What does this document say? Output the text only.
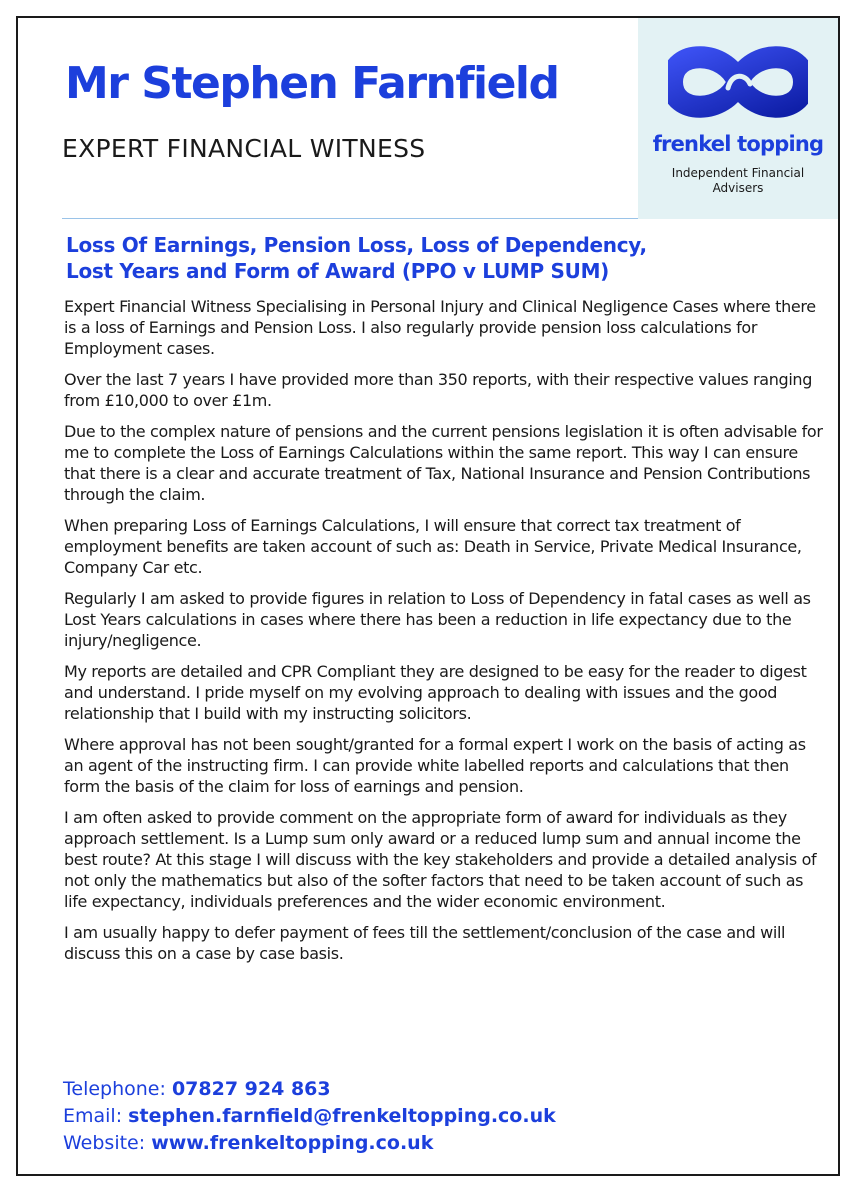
Mr Stephen Farnfield
EXPERT FINANCIAL WITNESS	frenkel topping
Independent Financial Advisers
Loss Of Earnings, Pension Loss, Loss of Dependency,
Lost Years and Form of Award (PPO v LUMP SUM)

Expert Financial Witness Specialising in Personal Injury and Clinical Negligence Cases where there is a loss of Earnings and Pension Loss. I also regularly provide pension loss calculations for Employment cases.

Over the last 7 years I have provided more than 350 reports, with their respective values ranging from £10,000 to over £1m.

Due to the complex nature of pensions and the current pensions legislation it is often advisable for me to complete the Loss of Earnings Calculations within the same report. This way I can ensure that there is a clear and accurate treatment of Tax, National Insurance and Pension Contributions through the claim.

When preparing Loss of Earnings Calculations, I will ensure that correct tax treatment of employment benefits are taken account of such as: Death in Service, Private Medical Insurance, Company Car etc.

Regularly I am asked to provide figures in relation to Loss of Dependency in fatal cases as well as Lost Years calculations in cases where there has been a reduction in life expectancy due to the injury/negligence.

My reports are detailed and CPR Compliant they are designed to be easy for the reader to digest and understand. I pride myself on my evolving approach to dealing with issues and the good relationship that I build with my instructing solicitors.

Where approval has not been sought/granted for a formal expert I work on the basis of acting as an agent of the instructing firm. I can provide white labelled reports and calculations that then form the basis of the claim for loss of earnings and pension.

I am often asked to provide comment on the appropriate form of award for individuals as they approach settlement. Is a Lump sum only award or a reduced lump sum and annual income the best route? At this stage I will discuss with the key stakeholders and provide a detailed analysis of not only the mathematics but also of the softer factors that need to be taken account of such as life expectancy, individuals preferences and the wider economic environment.

I am usually happy to defer payment of fees till the settlement/conclusion of the case and will discuss this on a case by case basis.

Telephone: 07827 924 863
Email: stephen.farnfield@frenkeltopping.co.uk
Website: www.frenkeltopping.co.uk
